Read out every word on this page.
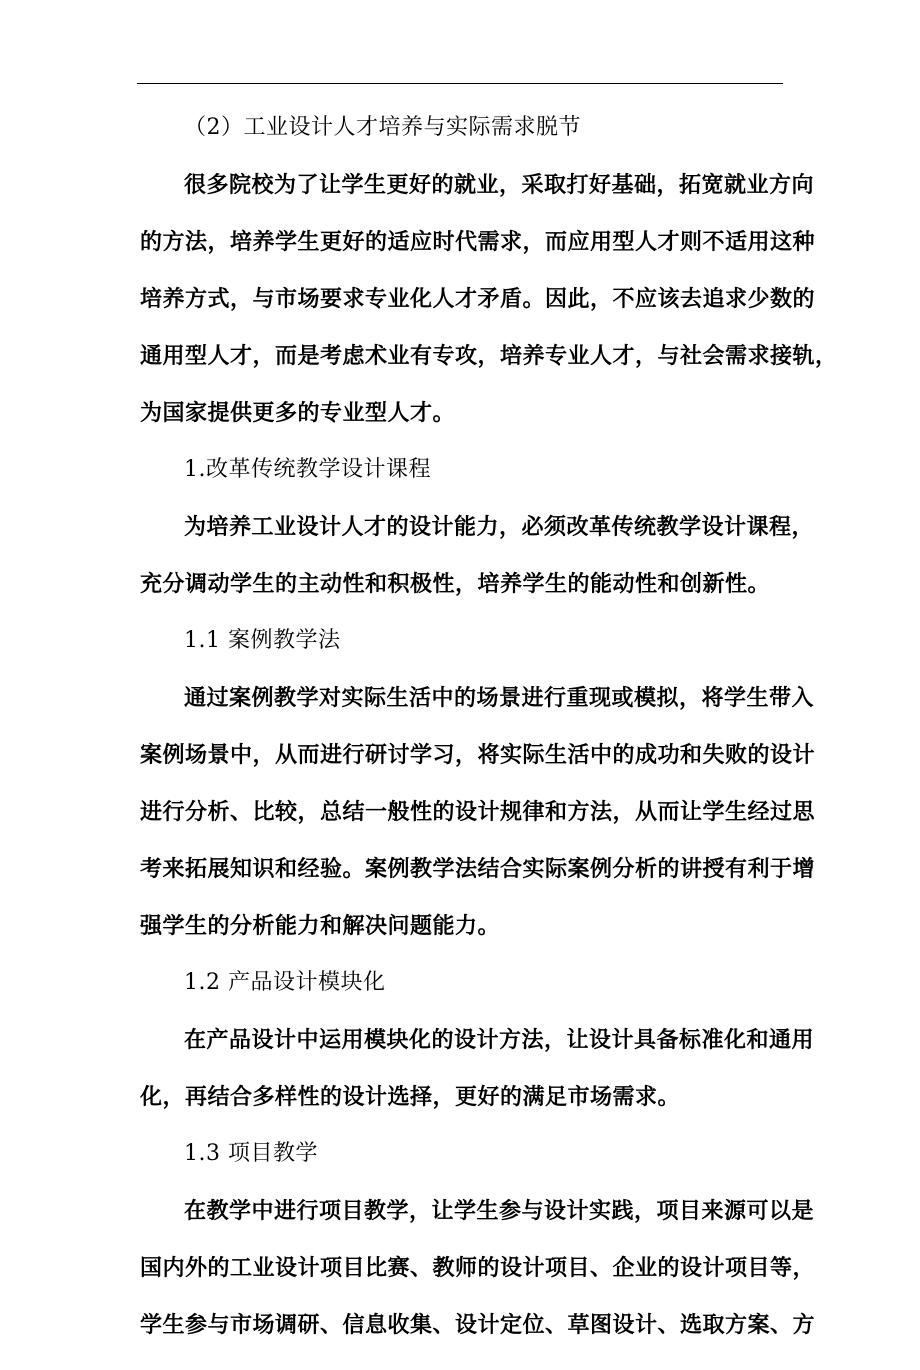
（2）工业设计人才培养与实际需求脱节
很多院校为了让学生更好的就业，采取打好基础，拓宽就业方向
的方法，培养学生更好的适应时代需求，而应用型人才则不适用这种
培养方式，与市场要求专业化人才矛盾。因此，不应该去追求少数的
通用型人才，而是考虑术业有专攻，培养专业人才，与社会需求接轨，
为国家提供更多的专业型人才。
1.改革传统教学设计课程
为培养工业设计人才的设计能力，必须改革传统教学设计课程，
充分调动学生的主动性和积极性，培养学生的能动性和创新性。
1.1 案例教学法
通过案例教学对实际生活中的场景进行重现或模拟，将学生带入
案例场景中，从而进行研讨学习，将实际生活中的成功和失败的设计
进行分析、比较，总结一般性的设计规律和方法，从而让学生经过思
考来拓展知识和经验。案例教学法结合实际案例分析的讲授有利于增
强学生的分析能力和解决问题能力。
1.2 产品设计模块化
在产品设计中运用模块化的设计方法，让设计具备标准化和通用
化，再结合多样性的设计选择，更好的满足市场需求。
1.3 项目教学
在教学中进行项目教学，让学生参与设计实践，项目来源可以是
国内外的工业设计项目比赛、教师的设计项目、企业的设计项目等，
学生参与市场调研、信息收集、设计定位、草图设计、选取方案、方
